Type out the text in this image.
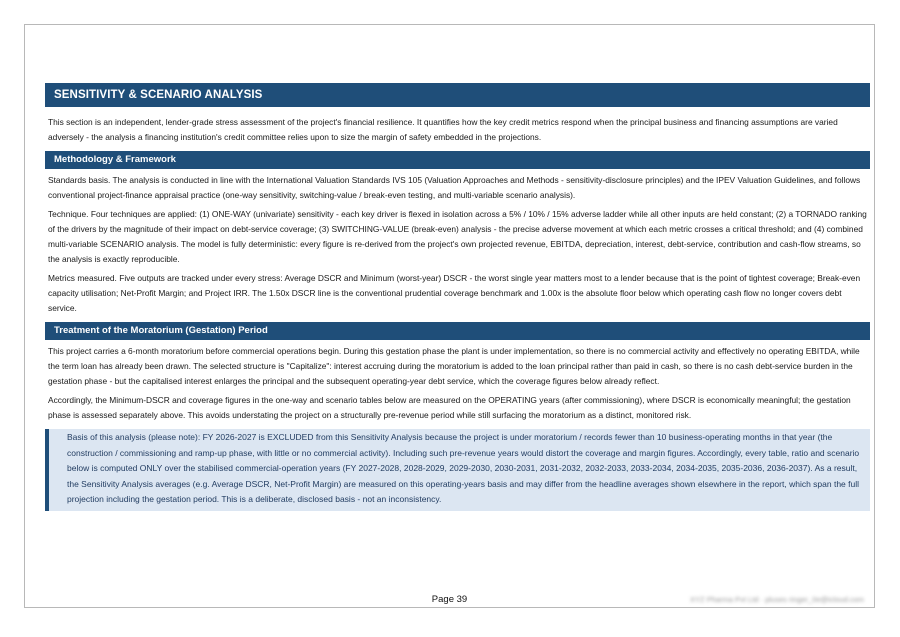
SENSITIVITY & SCENARIO ANALYSIS

This section is an independent, lender-grade stress assessment of the project's financial resilience. It quantifies how the key credit metrics respond when the principal business and financing assumptions are varied adversely - the analysis a financing institution's credit committee relies upon to size the margin of safety embedded in the projections.

Methodology & Framework

Standards basis. The analysis is conducted in line with the International Valuation Standards IVS 105 (Valuation Approaches and Methods - sensitivity-disclosure principles) and the IPEV Valuation Guidelines, and follows conventional project-finance appraisal practice (one-way sensitivity, switching-value / break-even testing, and multi-variable scenario analysis).

Technique. Four techniques are applied: (1) ONE-WAY (univariate) sensitivity - each key driver is flexed in isolation across a 5% / 10% / 15% adverse ladder while all other inputs are held constant; (2) a TORNADO ranking of the drivers by the magnitude of their impact on debt-service coverage; (3) SWITCHING-VALUE (break-even) analysis - the precise adverse movement at which each metric crosses a critical threshold; and (4) combined multi-variable SCENARIO analysis. The model is fully deterministic: every figure is re-derived from the project's own projected revenue, EBITDA, depreciation, interest, debt-service, contribution and cash-flow streams, so the analysis is exactly reproducible.

Metrics measured. Five outputs are tracked under every stress: Average DSCR and Minimum (worst-year) DSCR - the worst single year matters most to a lender because that is the point of tightest coverage; Break-even capacity utilisation; Net-Profit Margin; and Project IRR. The 1.50x DSCR line is the conventional prudential coverage benchmark and 1.00x is the absolute floor below which operating cash flow no longer covers debt service.

Treatment of the Moratorium (Gestation) Period

This project carries a 6-month moratorium before commercial operations begin. During this gestation phase the plant is under implementation, so there is no commercial activity and effectively no operating EBITDA, while the term loan has already been drawn. The selected structure is "Capitalize": interest accruing during the moratorium is added to the loan principal rather than paid in cash, so there is no cash debt-service burden in the gestation phase - but the capitalised interest enlarges the principal and the subsequent operating-year debt service, which the coverage figures below already reflect.

Accordingly, the Minimum-DSCR and coverage figures in the one-way and scenario tables below are measured on the OPERATING years (after commissioning), where DSCR is economically meaningful; the gestation phase is assessed separately above. This avoids understating the project on a structurally pre-revenue period while still surfacing the moratorium as a distinct, monitored risk.

Basis of this analysis (please note): FY 2026-2027 is EXCLUDED from this Sensitivity Analysis because the project is under moratorium / records fewer than 10 business-operating months in that year (the construction / commissioning and ramp-up phase, with little or no commercial activity). Including such pre-revenue years would distort the coverage and margin figures. Accordingly, every table, ratio and scenario below is computed ONLY over the stabilised commercial-operation years (FY 2027-2028, 2028-2029, 2029-2030, 2030-2031, 2031-2032, 2032-2033, 2033-2034, 2034-2035, 2035-2036, 2036-2037). As a result, the Sensitivity Analysis averages (e.g. Average DSCR, Net-Profit Margin) are measured on this operating-years basis and may differ from the headline averages shown elsewhere in the report, which span the full projection including the gestation period. This is a deliberate, disclosed basis - not an inconsistency.

Page 39	XYZ Pharma Pvt Ltd · pluses ringer_0e@icloud.com
